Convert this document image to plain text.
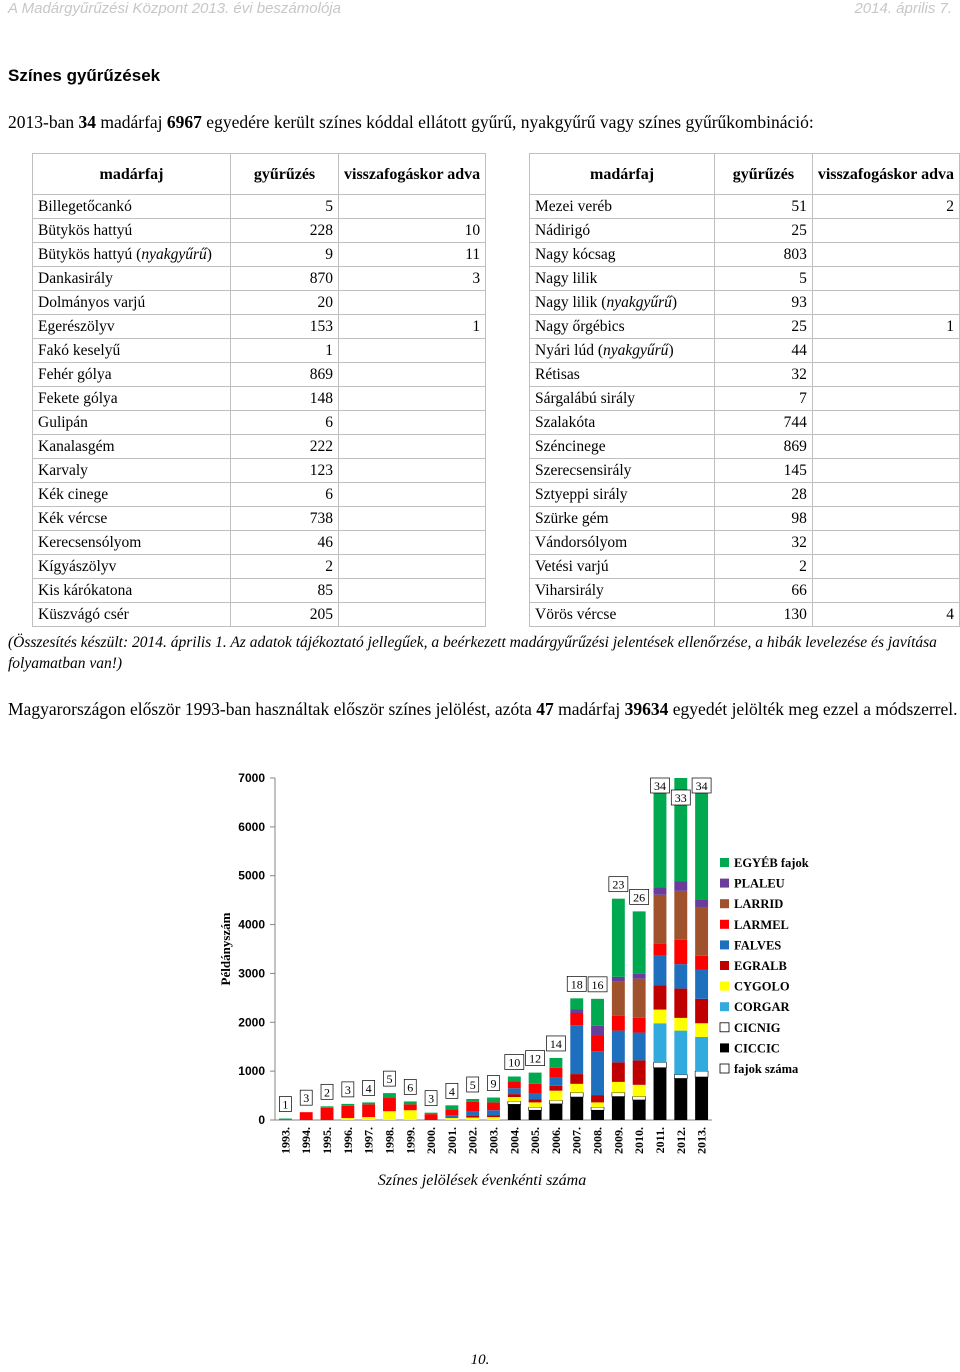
A Madárgyűrűzési Központ 2013. évi beszámolója	2014. április 7.
Színes gyűrűzések
2013-ban 34 madárfaj 6967 egyedére került színes kóddal ellátott gyűrű, nyakgyűrű vagy színes gyűrűkombináció:
madárfaj	gyűrűzés	visszafogáskor adva
Billegetőcankó	5	
Bütykös hattyú	228	10
Bütykös hattyú (nyakgyűrű)	9	11
Dankasirály	870	3
Dolmányos varjú	20	
Egerészölyv	153	1
Fakó keselyű	1	
Fehér gólya	869	
Fekete gólya	148	
Gulipán	6	
Kanalasgém	222	
Karvaly	123	
Kék cinege	6	
Kék vércse	738	
Kerecsensólyom	46	
Kígyászölyv	2	
Kis kárókatona	85	
Küszvágó csér	205	
madárfaj	gyűrűzés	visszafogáskor adva
Mezei veréb	51	2
Nádirigó	25	
Nagy kócsag	803	
Nagy lilik	5	
Nagy lilik (nyakgyűrű)	93	
Nagy őrgébics	25	1
Nyári lúd (nyakgyűrű)	44	
Rétisas	32	
Sárgalábú sirály	7	
Szalakóta	744	
Széncinege	869	
Szerecsensirály	145	
Sztyeppi sirály	28	
Szürke gém	98	
Vándorsólyom	32	
Vetési varjú	2	
Viharsirály	66	
Vörös vércse	130	4
(Összesítés készült: 2014. április 1. Az adatok tájékoztató jellegűek, a beérkezett madárgyűrűzési jelentések ellenőrzése, a hibák levelezése és javítása folyamatban van!)
Magyarországon először 1993-ban használtak először színes jelölést, azóta 47 madárfaj 39634 egyedét jelölték meg ezzel a módszerrel.
0
1000
2000
3000
4000
5000
6000
7000
Példányszám
1993.
1
1994.
3
1995.
2
1996.
3
1997.
4
1998.
5
1999.
6
2000.
3
2001.
4
2002.
5
2003.
9
2004.
10
2005.
12
2006.
14
2007.
18
2008.
16
2009.
23
2010.
26
2011.
34
2012.
33
2013.
34
Színes jelölések évenkénti száma
EGYÉB fajok
PLALEU
LARRID
LARMEL
FALVES
EGRALB
CYGOLO
CORGAR
CICNIG
CICCIC
fajok száma
10.
